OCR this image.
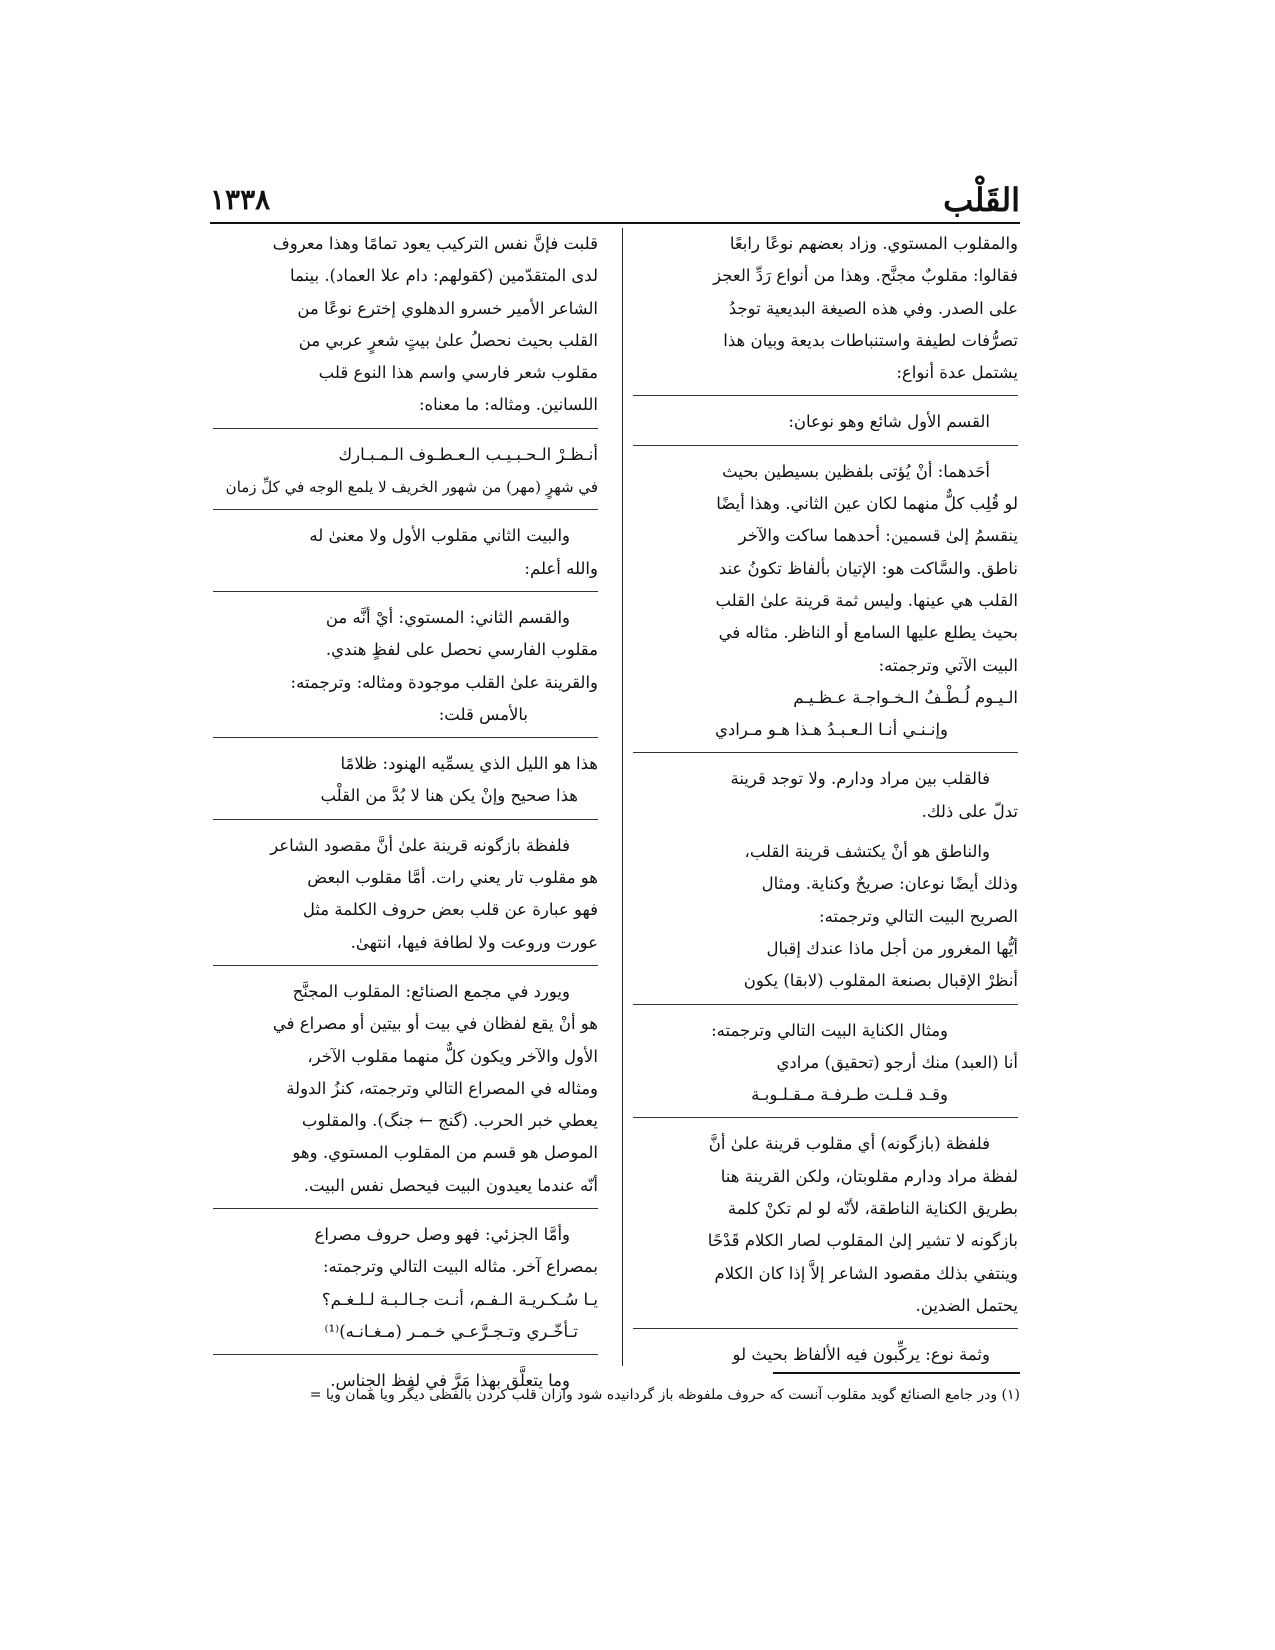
القَلْب
١٣٣٨
والمقلوب المستوي. وزاد بعضهم نوعًا رابعًا
فقالوا: مقلوبٌ مجنَّح. وهذا من أنواع رَدِّ العجز
على الصدر. وفي هذه الصيغة البديعية توجدُ
تصرُّفات لطيفة واستنباطات بديعة وبيان هذا
يشتمل عدة أنواع:
القسم الأول شائع وهو نوعان:
أحَدهما: أنْ يُؤتى بلفظين بسيطين بحيث
لو قُلِب كلٌّ منهما لكان عين الثاني. وهذا أيضًا
ينقسمُ إلىٰ قسمين: أحدهما ساكت والآخر
ناطق. والسَّاكت هو: الإتيان بألفاظ تكونُ عند
القلب هي عينها. وليس ثمة قرينة علىٰ القلب
بحيث يطلع عليها السامع أو الناظر. مثاله في
البيت الآتي وترجمته:
الـيـوم لُـطْـفُ الـخـواجـة عـظـيـم
وإنـنـي أنـا الـعـبـدُ هـذا هـو مـرادي
فالقلب بين مراد ودارم. ولا توجد قرينة
تدلّ على ذلك.
والناطق هو أنْ يكتشف قرينة القلب،
وذلك أيضًا نوعان: صريحٌ وكناية. ومثال
الصريح البيت التالي وترجمته:
أيُّها المغرور من أجل ماذا عندك إقبال
أنظرْ الإقبال بصنعة المقلوب (لابقا) يكون
ومثال الكناية البيت التالي وترجمته:
أنا (العبد) منك أرجو (تحقيق) مرادي
وقـد قـلـت طـرفـة مـقـلـوبـة
فلفظة (بازگونه) أي مقلوب قرينة علىٰ أنَّ
لفظة مراد ودارم مقلوبتان، ولكن القرينة هنا
بطريق الكناية الناطقة، لأنّه لو لم تكنْ كلمة
بازگونه لا تشير إلىٰ المقلوب لصار الكلام قَدْحًا
وينتفي بذلك مقصود الشاعر إلاَّ إذا كان الكلام
يحتمل الضدين.
وثمة نوع: يركِّبون فيه الألفاظ بحيث لو
قلبت فإنَّ نفس التركيب يعود تمامًا وهذا معروف
لدى المتقدّمين (كقولهم: دام علا العماد). بينما
الشاعر الأمير خسرو الدهلوي إخترع نوعًا من
القلب بحيث نحصلُ علىٰ بيتٍ شعرٍ عربي من
مقلوب شعر فارسي واسم هذا النوع قلب
اللسانين. ومثاله: ما معناه:
أنـظـرْ الـحـبـيـب الـعـطـوف الـمـبـارك
في شهرٍ (مهر) من شهور الخريف لا يلمع الوجه في كلِّ زمان
والبيت الثاني مقلوب الأول ولا معنىٰ له
والله أعلم:
والقسم الثاني: المستوي: أيْ أنَّه من
مقلوب الفارسي نحصل على لفظٍ هندي.
والقرينة علىٰ القلب موجودة ومثاله: وترجمته:
بالأمس قلت:
هذا هو الليل الذي يسمِّيه الهنود: ظلامًا
هذا صحيح وإنْ يكن هنا لا بُدَّ من القلْب
فلفظة بازگونه قرينة علىٰ أنَّ مقصود الشاعر
هو مقلوب تار يعني رات. أمَّا مقلوب البعض
فهو عبارة عن قلب بعض حروف الكلمة مثل
عورت وروعت ولا لطافة فيها، انتهىٰ.
ويورد في مجمع الصنائع: المقلوب المجنَّح
هو أنْ يقع لفظان في بيت أو بيتين أو مصراع في
الأول والآخر ويكون كلٌّ منهما مقلوب الآخر،
ومثاله في المصراع التالي وترجمته، كنزُ الدولة
يعطي خبر الحرب. (گنج ← جنگ). والمقلوب
الموصل هو قسم من المقلوب المستوي. وهو
أنّه عندما يعيدون البيت فيحصل نفس البيت.
وأمَّا الجزئي: فهو وصل حروف مصراع
بمصراع آخر. مثاله البيت التالي وترجمته:
يـا سُـكـريـة الـفـم، أنـت جـالـبـة لـلـغـم؟
تـأخّـري وتـجـرَّعـي خـمـر (مـغـانـه)⁽¹⁾
وما يتعلَّق بهذا مَرَّ في لفظ الجِناس.
(١) ودر جامع الصنائع گويد مقلوب آنست كه حروف ملفوظه باز گردانيده شود وازان قلب كردن بالفظى ديگر ويا همان ويا =
